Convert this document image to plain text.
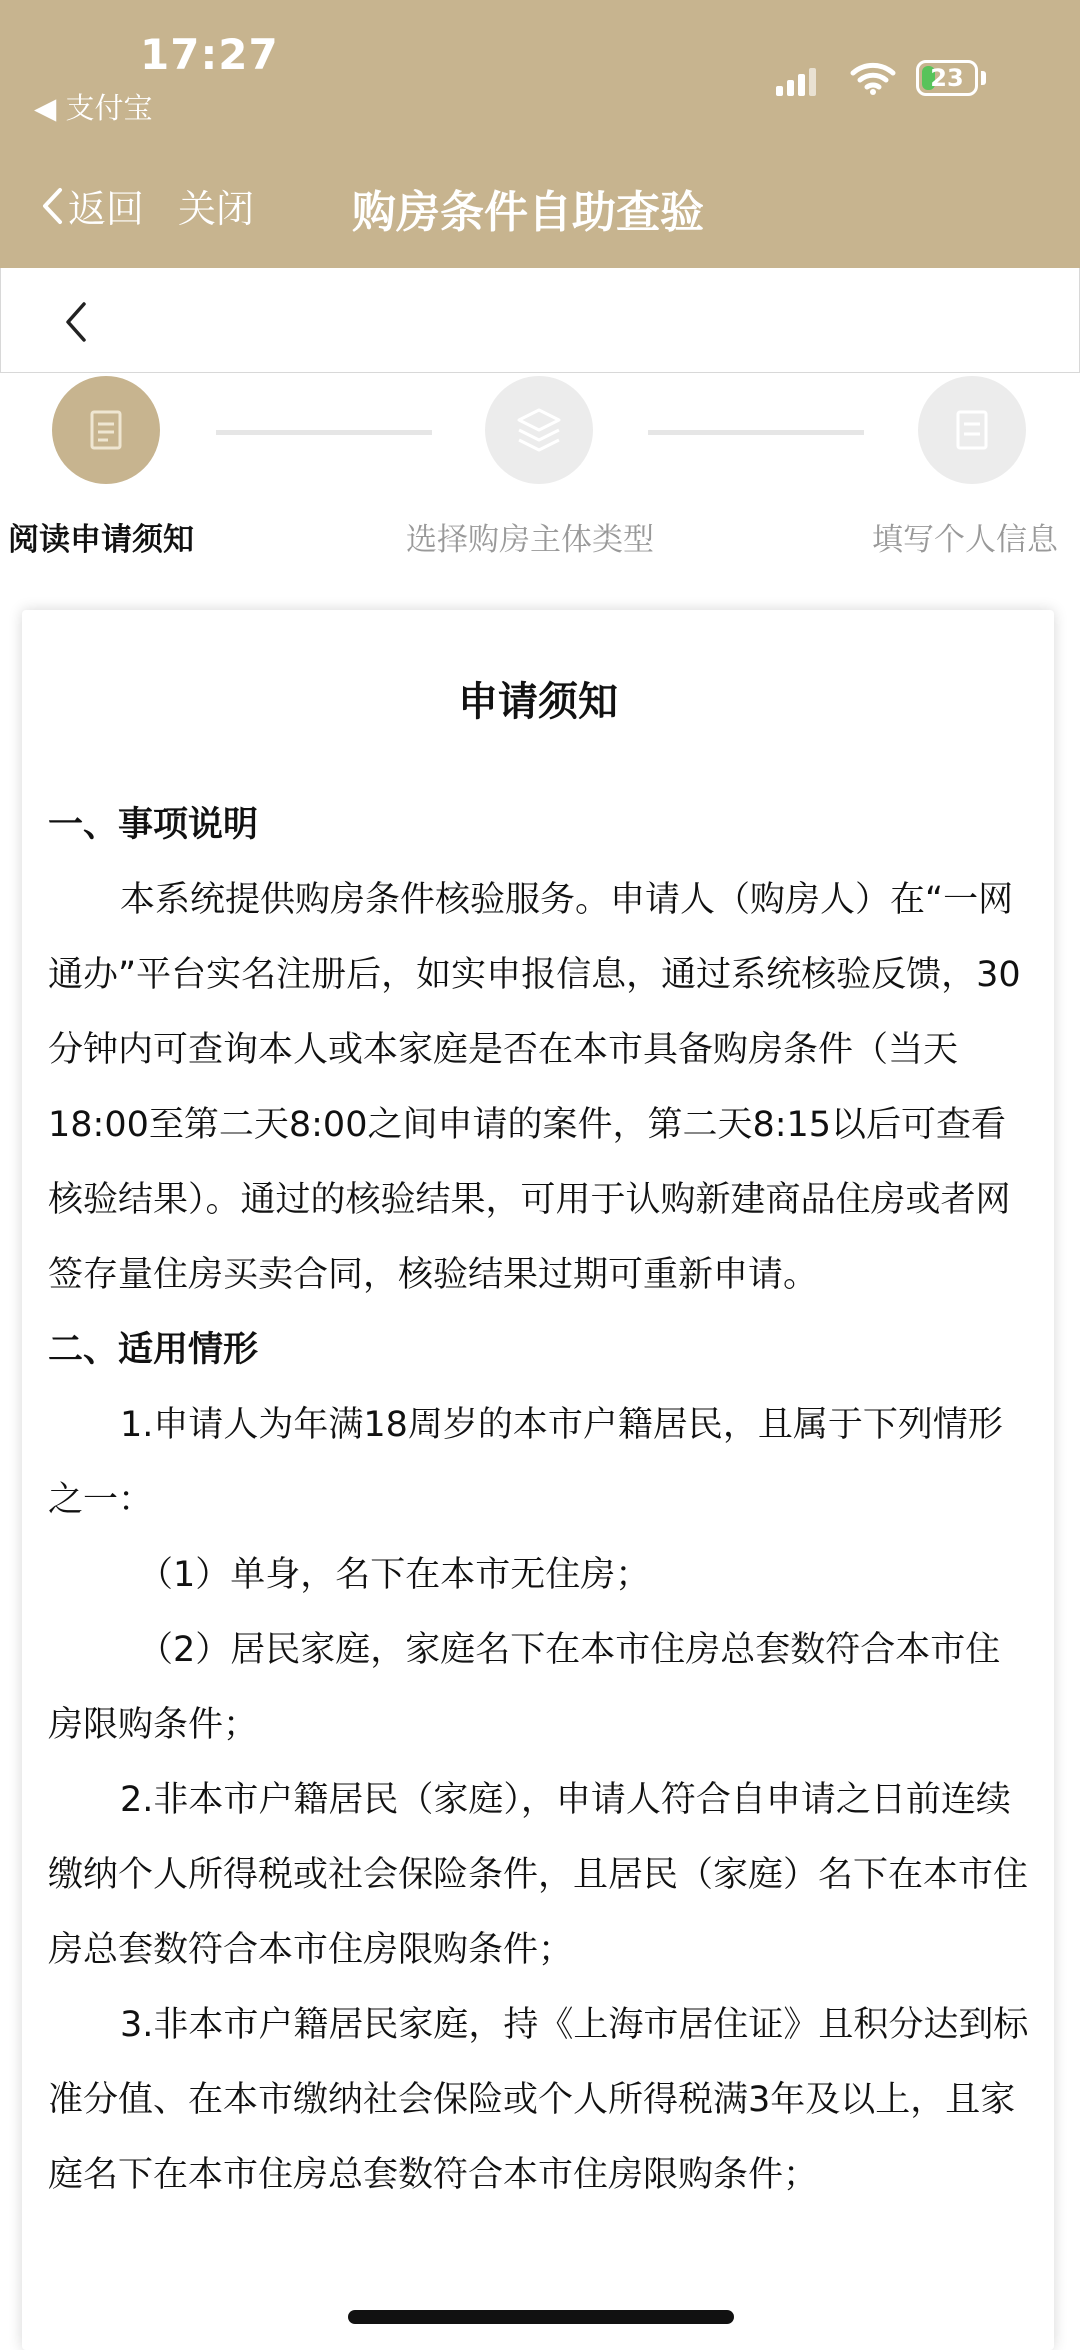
17:27
◀ 支付宝
23
返回 关闭 购房条件自助查验
阅读申请须知	选择购房主体类型	填写个人信息
申请须知

一、事项说明

本系统提供购房条件核验服务。申请人（购房人）在“一网通办”平台实名注册后，如实申报信息，通过系统核验反馈，30分钟内可查询本人或本家庭是否在本市具备购房条件（当天18:00至第二天8:00之间申请的案件，第二天8:15以后可查看核验结果）。通过的核验结果，可用于认购新建商品住房或者网签存量住房买卖合同，核验结果过期可重新申请。

二、适用情形

1.申请人为年满18周岁的本市户籍居民，且属于下列情形之一：

（1）单身，名下在本市无住房；

（2）居民家庭，家庭名下在本市住房总套数符合本市住房限购条件；

2.非本市户籍居民（家庭），申请人符合自申请之日前连续缴纳个人所得税或社会保险条件，且居民（家庭）名下在本市住房总套数符合本市住房限购条件；

3.非本市户籍居民家庭，持《上海市居住证》且积分达到标准分值、在本市缴纳社会保险或个人所得税满3年及以上，且家庭名下在本市住房总套数符合本市住房限购条件；
